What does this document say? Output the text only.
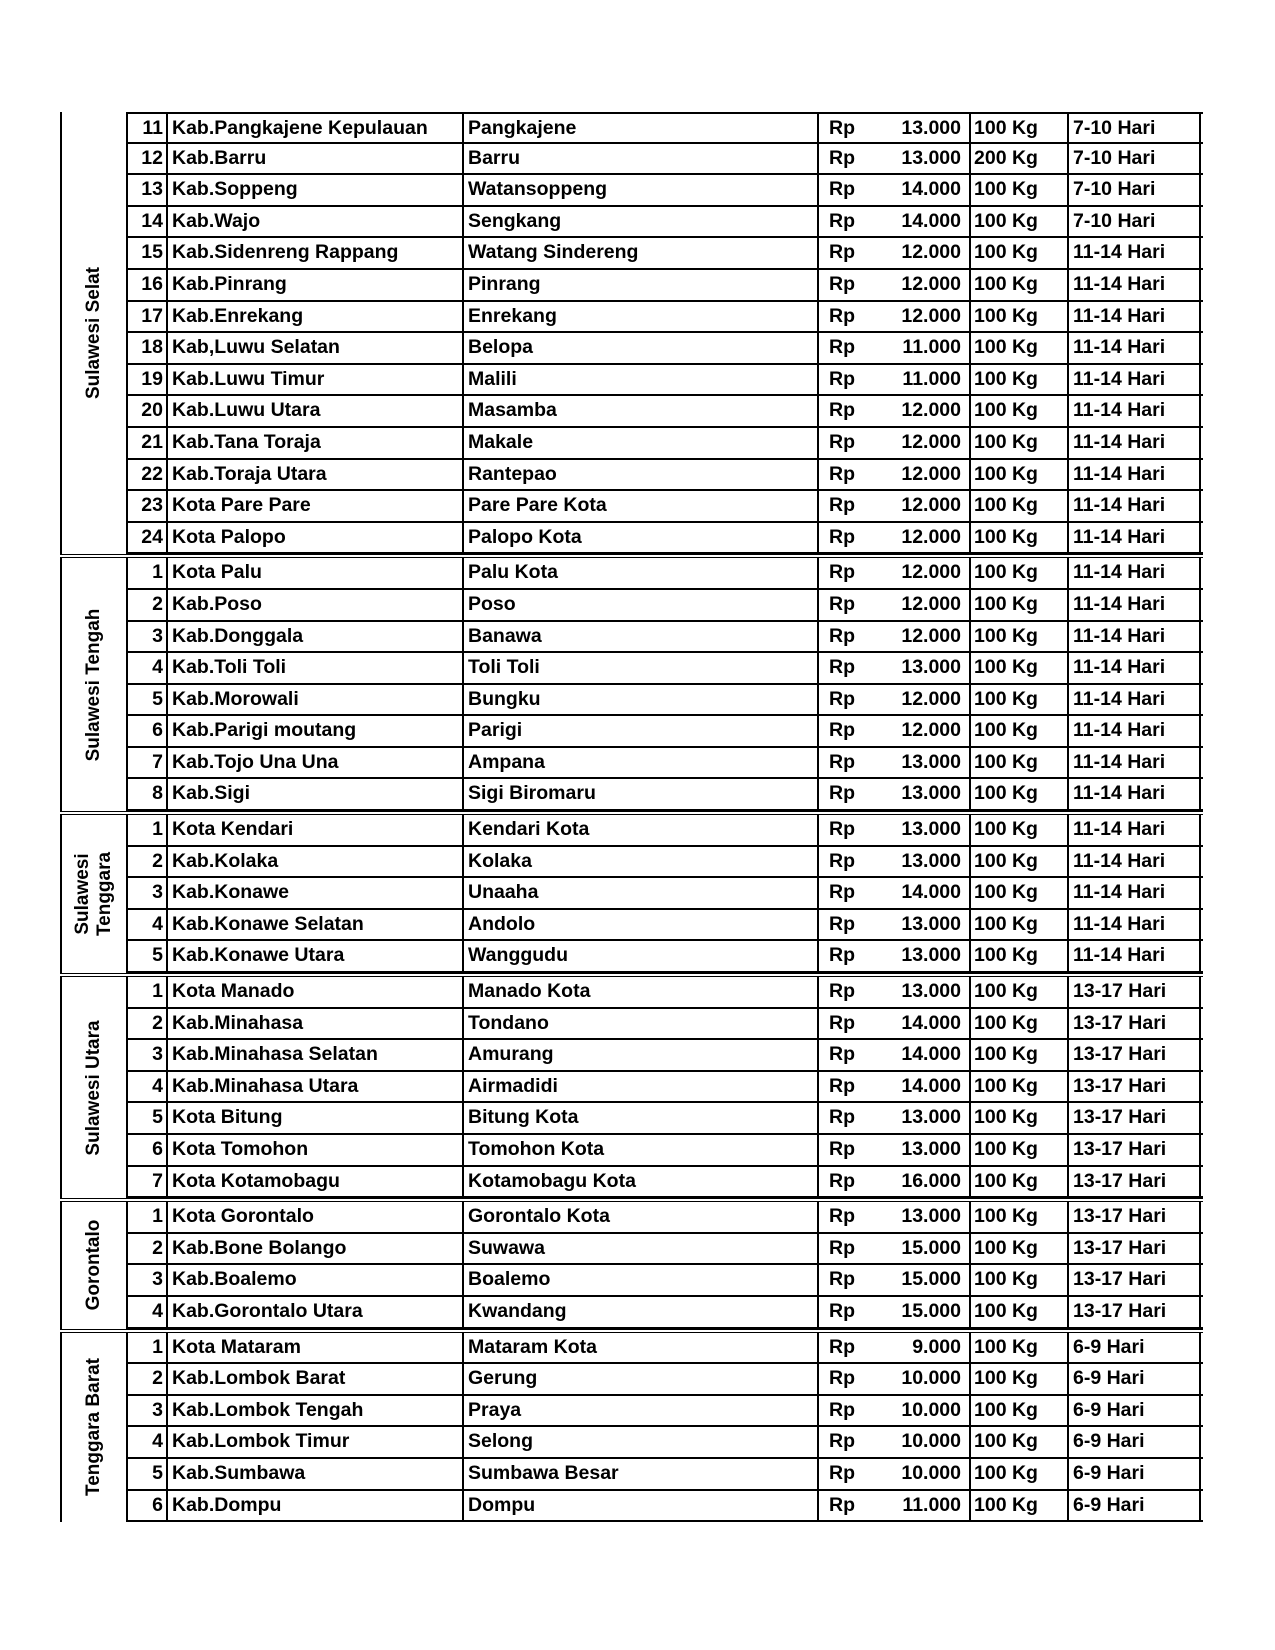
Sulawesi Selat
11 Kab.Pangkajene Kepulauan	Pangkajene	Rp 13.000 100 Kg	7-10 Hari
12 Kab.Barru	Barru	Rp 13.000 200 Kg	7-10 Hari
13 Kab.Soppeng	Watansoppeng	Rp 14.000 100 Kg	7-10 Hari
14 Kab.Wajo	Sengkang	Rp 14.000 100 Kg	7-10 Hari
15 Kab.Sidenreng Rappang	Watang Sindereng	Rp 12.000 100 Kg	11-14 Hari
16 Kab.Pinrang	Pinrang	Rp 12.000 100 Kg	11-14 Hari
17 Kab.Enrekang	Enrekang	Rp 12.000 100 Kg	11-14 Hari
18 Kab,Luwu Selatan	Belopa	Rp 11.000 100 Kg	11-14 Hari
19 Kab.Luwu Timur	Malili	Rp 11.000 100 Kg	11-14 Hari
20 Kab.Luwu Utara	Masamba	Rp 12.000 100 Kg	11-14 Hari
21 Kab.Tana Toraja	Makale	Rp 12.000 100 Kg	11-14 Hari
22 Kab.Toraja Utara	Rantepao	Rp 12.000 100 Kg	11-14 Hari
23 Kota Pare Pare	Pare Pare Kota	Rp 12.000 100 Kg	11-14 Hari
24 Kota Palopo	Palopo Kota	Rp 12.000 100 Kg	11-14 Hari
Sulawesi Tengah
1 Kota Palu	Palu Kota	Rp 12.000 100 Kg	11-14 Hari
2 Kab.Poso	Poso	Rp 12.000 100 Kg	11-14 Hari
3 Kab.Donggala	Banawa	Rp 12.000 100 Kg	11-14 Hari
4 Kab.Toli Toli	Toli Toli	Rp 13.000 100 Kg	11-14 Hari
5 Kab.Morowali	Bungku	Rp 12.000 100 Kg	11-14 Hari
6 Kab.Parigi moutang	Parigi	Rp 12.000 100 Kg	11-14 Hari
7 Kab.Tojo Una Una	Ampana	Rp 13.000 100 Kg	11-14 Hari
8 Kab.Sigi	Sigi Biromaru	Rp 13.000 100 Kg	11-14 Hari
Sulawesi Tenggara
1 Kota Kendari	Kendari Kota	Rp 13.000 100 Kg	11-14 Hari
2 Kab.Kolaka	Kolaka	Rp 13.000 100 Kg	11-14 Hari
3 Kab.Konawe	Unaaha	Rp 14.000 100 Kg	11-14 Hari
4 Kab.Konawe Selatan	Andolo	Rp 13.000 100 Kg	11-14 Hari
5 Kab.Konawe Utara	Wanggudu	Rp 13.000 100 Kg	11-14 Hari
Sulawesi Utara
1 Kota Manado	Manado Kota	Rp 13.000 100 Kg	13-17 Hari
2 Kab.Minahasa	Tondano	Rp 14.000 100 Kg	13-17 Hari
3 Kab.Minahasa Selatan	Amurang	Rp 14.000 100 Kg	13-17 Hari
4 Kab.Minahasa Utara	Airmadidi	Rp 14.000 100 Kg	13-17 Hari
5 Kota Bitung	Bitung Kota	Rp 13.000 100 Kg	13-17 Hari
6 Kota Tomohon	Tomohon Kota	Rp 13.000 100 Kg	13-17 Hari
7 Kota Kotamobagu	Kotamobagu Kota	Rp 16.000 100 Kg	13-17 Hari
Gorontalo
1 Kota Gorontalo	Gorontalo Kota	Rp 13.000 100 Kg	13-17 Hari
2 Kab.Bone Bolango	Suwawa	Rp 15.000 100 Kg	13-17 Hari
3 Kab.Boalemo	Boalemo	Rp 15.000 100 Kg	13-17 Hari
4 Kab.Gorontalo Utara	Kwandang	Rp 15.000 100 Kg	13-17 Hari
Tenggara Barat
1 Kota Mataram	Mataram Kota	Rp	9.000 100 Kg	6-9 Hari
2 Kab.Lombok Barat	Gerung	Rp 10.000 100 Kg	6-9 Hari
3 Kab.Lombok Tengah	Praya	Rp 10.000 100 Kg	6-9 Hari
4 Kab.Lombok Timur	Selong	Rp 10.000 100 Kg	6-9 Hari
5 Kab.Sumbawa	Sumbawa Besar	Rp 10.000 100 Kg	6-9 Hari
6 Kab.Dompu	Dompu	Rp 11.000 100 Kg	6-9 Hari
